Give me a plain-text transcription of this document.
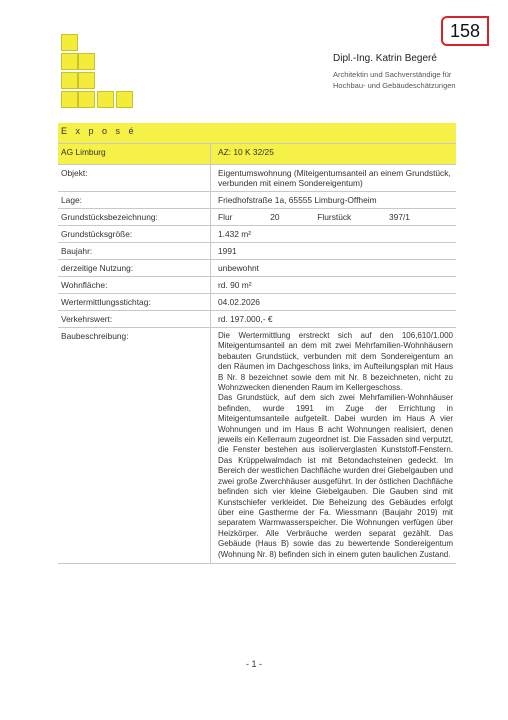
158
Dipl.-Ing. Katrin Begeré
Architektin und Sachverständige für
Hochbau- und Gebäudeschätzungen
E x p o s é	
AG Limburg	AZ: 10 K 32/25
Objekt:	Eigentumswohnung (Miteigentumsanteil an einem Grundstück, verbunden mit einem Sondereigentum)
Lage:	Friedhofstraße 1a, 65555 Limburg-Offheim
Grundstücksbezeichnung:	Flur 20 Flurstück 397/1

Grundstücksgröße:	1.432 m²
Baujahr:	1991
derzeitige Nutzung:	unbewohnt
Wohnfläche:	rd. 90 m²
Wertermittlungsstichtag:	04.02.2026
Verkehrswert:	rd. 197.000,- €
Baubeschreibung:	Die Wertermittlung erstreckt sich auf den 106,610/1.000 Miteigentumsanteil an dem mit zwei Mehrfamilien-Wohnhäusern bebauten Grundstück, verbunden mit dem Sondereigentum an den Räumen im Dachgeschoss links, im Aufteilungsplan mit Haus B Nr. 8 bezeichnet sowie dem mit Nr. 8 bezeichneten, nicht zu Wohnzwecken dienenden Raum im Kellergeschoss.

Das Grundstück, auf dem sich zwei Mehrfamilien-Wohnhäuser befinden, wurde 1991 im Zuge der Errichtung in Miteigentumsanteile aufgeteilt. Dabei wurden im Haus A vier Wohnungen und im Haus B acht Wohnungen realisiert, denen jeweils ein Kellerraum zugeordnet ist. Die Fassaden sind verputzt, die Fenster bestehen aus isolierverglasten Kunststoff-Fenstern. Das Krüppelwalmdach ist mit Betondachsteinen gedeckt. Im Bereich der westlichen Dachfläche wurden drei Giebelgauben und zwei große Zwerchhäuser ausgeführt. In der östlichen Dachfläche befinden sich vier kleine Giebelgauben. Die Gauben sind mit Kunstschiefer verkleidet. Die Beheizung des Gebäudes erfolgt über eine Gastherme der Fa. Wiessmann (Baujahr 2019) mit separatem Warmwasserspeicher. Die Wohnungen verfügen über Heizkörper. Alle Verbräuche werden separat gezählt. Das Gebäude (Haus B) sowie das zu bewertende Sondereigentum (Wohnung Nr. 8) befinden sich in einem guten baulichen Zustand.

- 1 -
